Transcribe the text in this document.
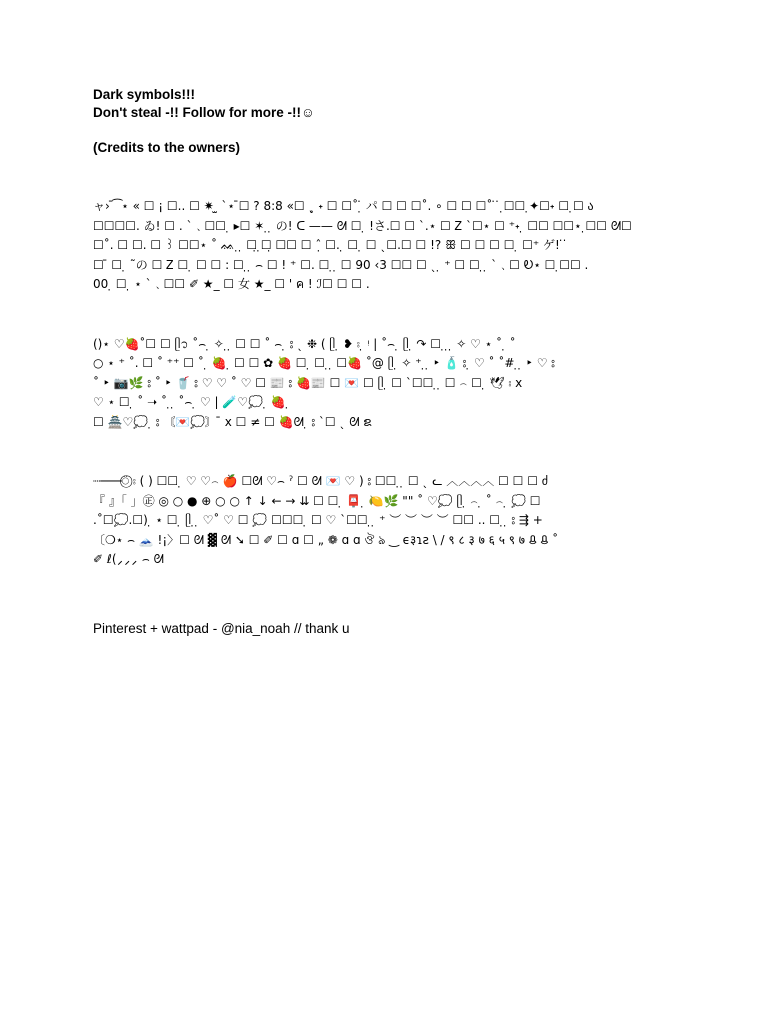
Dark symbols!!!

Don't steal -!! Follow for more -!!☺

(Credits to the owners)

ャ› ̄ ͡︎︎ ⋆ « ☐ ¡ ☐.. ☐ ✷ ̫ ˋ⋆ ̄☐ ? 8:8 «☐ ˎ̥ ˖ ☐ ☐˚ ̣̇ パ ☐ ☐ ☐˚. ∘ ☐ ☐ ☐˚ ̇ ̇ ̣☐☐ ̣✦☐˖ ☐ ̣☐ ა
☐☐☐☐. ゐ! ☐ . ˋ﹑☐☐ ̣ ▸☐ ✶ ̣ ̣ の! ᑕ —— ᘛ ☐ ̣ !さ.☐ ☐ ˋ.⋆ ☐ Ꮓ ˋ☐⋆ ☐ ⁺˖ ̣ ☐☐ ☐☐⋆ ̣☐☐ ᘛ☐
☐˚. ☐ ☐. ☐ ꒱ ☐☐⋆ ˚ ᨐ ̣ ̣ ☐̣ ̣☐̣ ☐☐ ☐ ˆ̣ ☐. ̣ ☐ ̣ ☐ ˎ☐.☐ ☐ !? ꕥ ☐ ☐ ☐ ☐ ̣ ☐⁺ ゲ! ̇ ̇
☐ ̄ ☐ ̣ ˜の ☐ Ꮓ ☐ ̣ ☐ ☐ : ☐ ̣ ̣ ⌢ ☐ ! ⁺ ☐. ☐ ̣ ̣ ☐ 90 ‹3 ☐☐ ☐ ˎ ̣ ⁺ ☐ ☐ ̣ ̣ ˋ﹑☐ Ꭷ⋆ ☐ ̣☐☐ .
00 ̣ ☐ ̣ ⋆ ˋ﹑☐☐ ✐ ★_ ☐ 女 ★_ ☐ ' ค ! ℐ☐ ☐ ☐ .
()⋆ ♡🍓˚☐ ☐ ᥫ᭡ ˚⌢ ̣ ✧ ̣ ̣ ☐ ☐ ˚ ⌢ ̣ ⦂ ˎ ❉ ( ᥫ ̣ ❥ ⦂ ̣ ᵎ | ˚⌢ ̣ ᥫ ̣ ↷ ☐ ̣ ̣ ̣ ✧ ♡ ⋆ ˚ ̣ ˚
○ ⋆ ⁺ ˚. ☐ ˚ ⁺⁺ ☐ ˚ ̣ 🍓 ̣ ☐ ☐ ✿ 🍓 ☐ ̣ ☐ ̣ ̣ ☐🍓 ˚@ ᥫ ̣ ✧ ⁺ ̣ ̣ ‣ 🧴 ⦂ ̣ ♡ ˚ ˚# ̣ ̣ ‣ ♡ ⦂
˚ ‣ 📷🌿 ⦂ ˚ ‣ 🥤 ⦂ ♡ ♡ ˚ ♡ ☐ 📰 ⦂ 🍓📰 ☐ 💌 ☐ ᥫ ̣ ☐ ˋ☐☐ ̣ ̣ ☐ ⌢ ☐ ̣ 🕊 ⦂ x
♡ ⋆ ☐ ̣ ˚ ➝ ˚ ̣ ̣ ˚⌢ ̣ ♡ | 🧪♡💭 ̣ 🍓 ̣
☐ 🏯♡💭 ̣ ⦂ 〘💌💭〙 ̄ x ☐ ≠ ☐ 🍓ᘛ ̣ ⦂ ˋ☐ ˎ ᘛ ຂ
┈───⍥⃝ ⦂ ( ) ☐☐ ̣ ♡ ♡⌢ 🍎 ☐ᘛ ♡⌢ ˀ ☐ ᘛ 💌 ♡ ) ⦂ ☐☐ ̣ ̣ ☐ ˎ ᓚ ︿︿︿︿ ☐ ☐ ☐ ძ
『 』「 」㊣ ◎ ○ ● ⊕ ○ ○ ↑ ↓ ← → ⇊ ☐ ☐ ̣ 📮 ̣ 🍋🌿 "" ˚ ♡💭 ᥫ ̣ ⌢ ̣ ˚ ⌢ ̣ 💭 ☐
.˚☐💭.☐) ̣ ⋆ ☐ ̣ ᥫ ̣ ̣ ♡˚ ♡ ☐ 💭 ☐☐☐ ̣ ☐ ♡ ˋ☐☐ ̣ ̣ ⁺ ︶ ︶ ︶ ︶ ☐☐ .. ☐ ̣ ̣ ⦂ ⇶ +
〔❍⋆ ⌢ 🗻 !¡〉☐ ᘛ ▓ ᘛ ➘ ☐ ✐ ☐ ɑ ☐ „ ❁ ɑ ɑ ঔ ঌ ‿ ϵ३ɿƨ \ / ९ ८ ३ ७ ६ ५ ९ ७ ᱪ ᱪ ˚
✐ ℓ(⸝⸝⸝ ⌢ ᘛ

Pinterest + wattpad - @nia_noah // thank u
